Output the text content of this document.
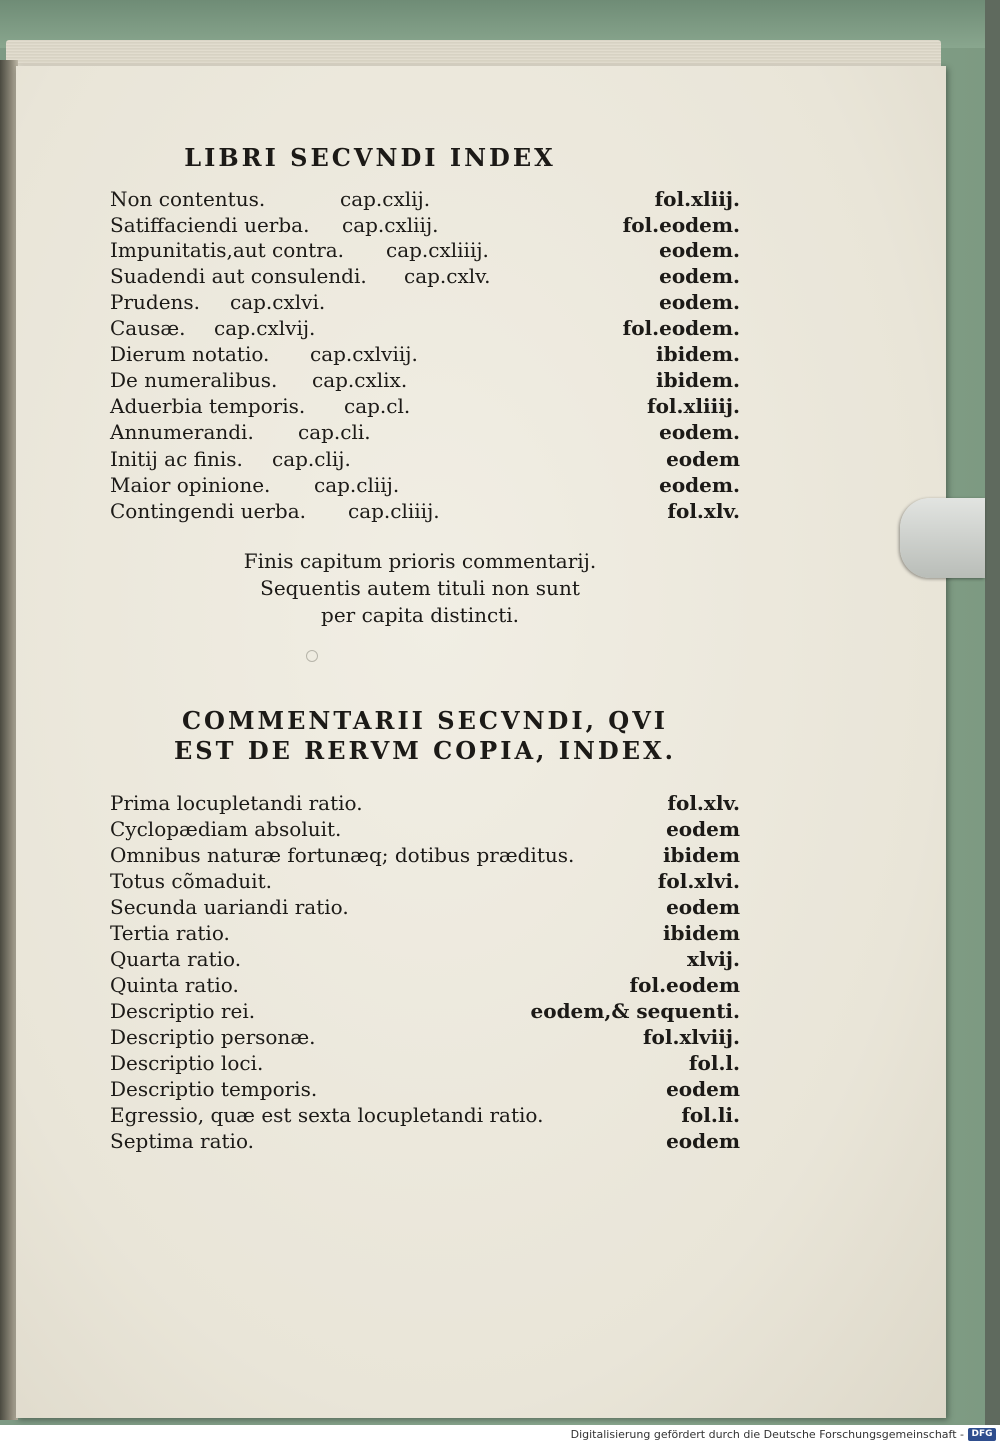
LIBRI SECVNDI INDEX
Non contentus.	cap.cxlij.	fol.xliij.
Satiffaciendi uerba. cap.cxliij.	fol.eodem.
Impunitatis,aut contra. cap.cxliiij.	eodem.
Suadendi aut consulendi. cap.cxlv.	eodem.
Prudens. cap.cxlvi.	eodem.
Causæ. cap.cxlvij.	fol.eodem.
Dierum notatio. cap.cxlviij.	ibidem.
De numeralibus. cap.cxlix.	ibidem.
Aduerbia temporis. cap.cl.	fol.xliiij.
Annumerandi. cap.cli.	eodem.
Initij ac finis. cap.clij.	eodem
Maior opinione. cap.cliij.	eodem.
Contingendi uerba. cap.cliiij.	fol.xlv.
Finis capitum prioris commentarij.
Sequentis autem tituli non sunt
per capita distincti.
COMMENTARII SECVNDI, QVI
EST DE RERVM COPIA, INDEX.
Prima locupletandi ratio.	fol.xlv.
Cyclopædiam absoluit.	eodem
Omnibus naturæ fortunæq; dotibus præditus.	ibidem
Totus cõmaduit.	fol.xlvi.
Secunda uariandi ratio.	eodem
Tertia ratio.	ibidem
Quarta ratio.	xlvij.
Quinta ratio.	fol.eodem
Descriptio rei.	eodem,& sequenti.
Descriptio personæ.	fol.xlviij.
Descriptio loci.	fol.l.
Descriptio temporis.	eodem
Egressio, quæ est sexta locupletandi ratio.	fol.li.
Septima ratio.	eodem
Digitalisierung gefördert durch die Deutsche Forschungsgemeinschaft - DFG
